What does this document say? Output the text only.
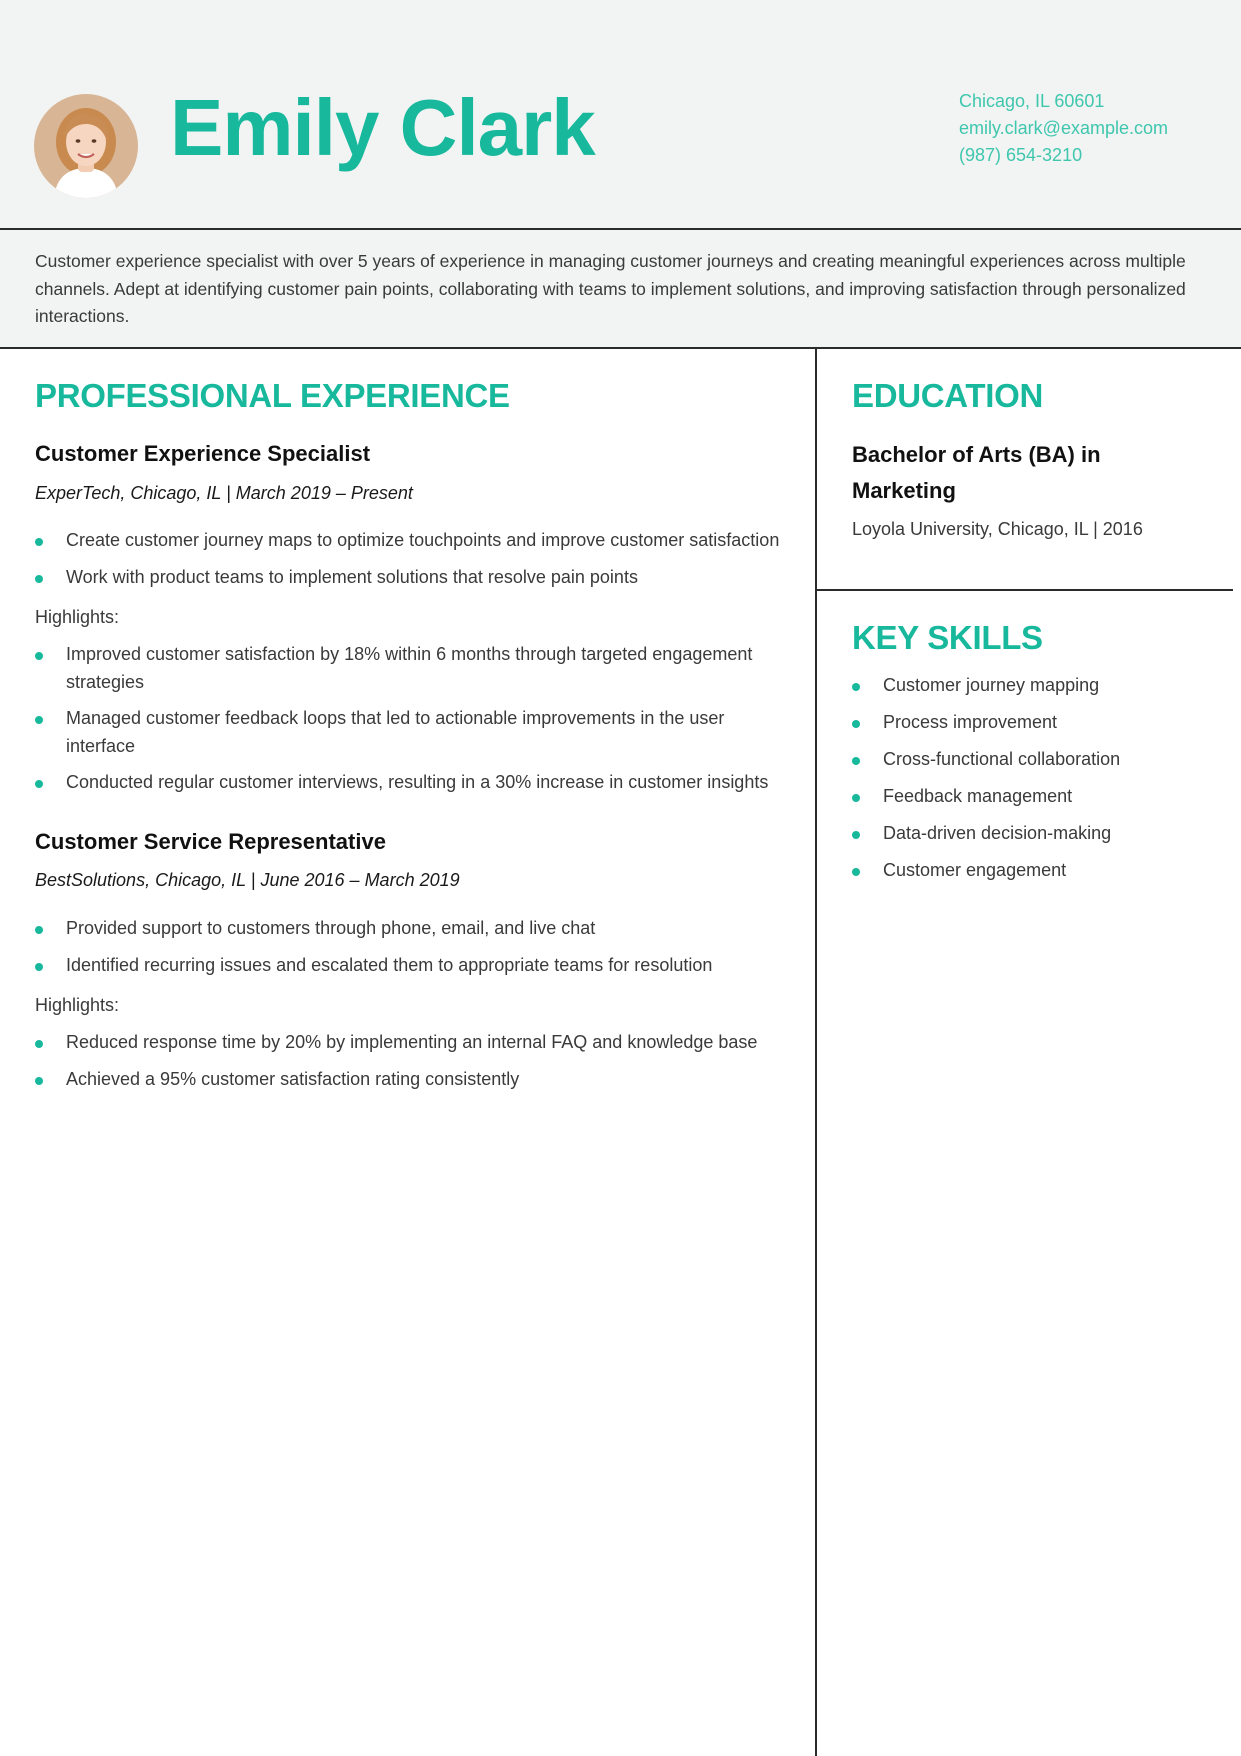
Emily Clark	Chicago, IL 60601
emily.clark@example.com
(987) 654-3210
Customer experience specialist with over 5 years of experience in managing customer journeys and creating meaningful experiences across multiple channels. Adept at identifying customer pain points, collaborating with teams to implement solutions, and improving satisfaction through personalized interactions.
PROFESSIONAL EXPERIENCE
Customer Experience Specialist
ExperTech, Chicago, IL | March 2019 – Present
Create customer journey maps to optimize touchpoints and improve customer satisfaction
Work with product teams to implement solutions that resolve pain points
Highlights:
Improved customer satisfaction by 18% within 6 months through targeted engagement strategies
Managed customer feedback loops that led to actionable improvements in the user interface
Conducted regular customer interviews, resulting in a 30% increase in customer insights
Customer Service Representative
BestSolutions, Chicago, IL | June 2016 – March 2019
Provided support to customers through phone, email, and live chat
Identified recurring issues and escalated them to appropriate teams for resolution
Highlights:
Reduced response time by 20% by implementing an internal FAQ and knowledge base
Achieved a 95% customer satisfaction rating consistently
EDUCATION
Bachelor of Arts (BA) in Marketing
Loyola University, Chicago, IL | 2016
KEY SKILLS
Customer journey mapping
Process improvement
Cross-functional collaboration
Feedback management
Data-driven decision-making
Customer engagement
